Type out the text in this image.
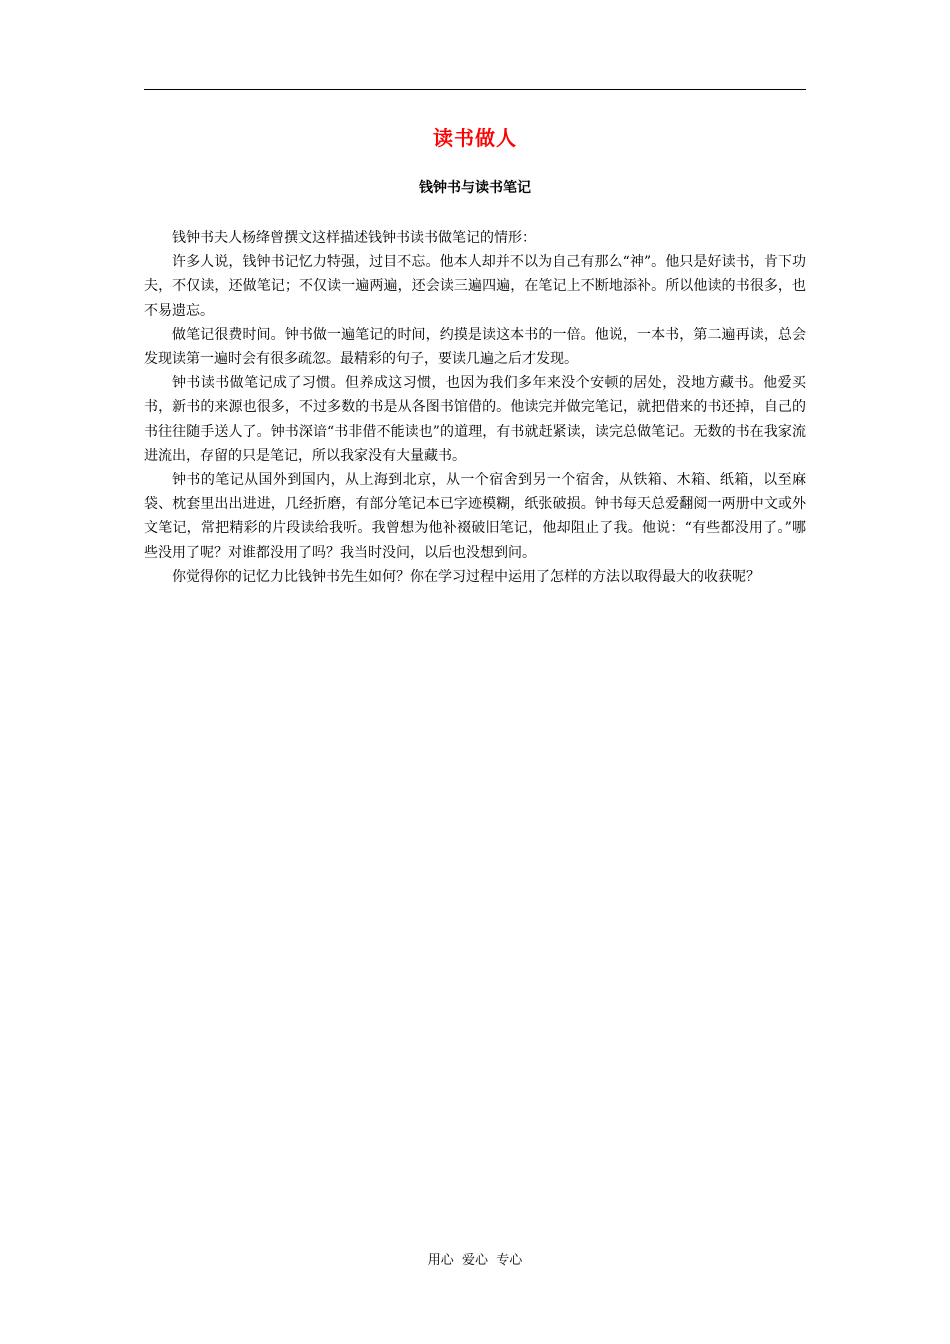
读书做人
钱钟书与读书笔记

钱钟书夫人杨绛曾撰文这样描述钱钟书读书做笔记的情形：

许多人说，钱钟书记忆力特强，过目不忘。他本人却并不以为自己有那么“神”。他只是好读书，肯下功夫，不仅读，还做笔记；不仅读一遍两遍，还会读三遍四遍，在笔记上不断地添补。所以他读的书很多，也不易遗忘。

做笔记很费时间。钟书做一遍笔记的时间，约摸是读这本书的一倍。他说，一本书，第二遍再读，总会发现读第一遍时会有很多疏忽。最精彩的句子，要读几遍之后才发现。

钟书读书做笔记成了习惯。但养成这习惯，也因为我们多年来没个安顿的居处，没地方藏书。他爱买书，新书的来源也很多，不过多数的书是从各图书馆借的。他读完并做完笔记，就把借来的书还掉，自己的书往往随手送人了。钟书深谙“书非借不能读也”的道理，有书就赶紧读，读完总做笔记。无数的书在我家流进流出，存留的只是笔记，所以我家没有大量藏书。

钟书的笔记从国外到国内，从上海到北京，从一个宿舍到另一个宿舍，从铁箱、木箱、纸箱，以至麻袋、枕套里出出进进，几经折磨，有部分笔记本已字迹模糊，纸张破损。钟书每天总爱翻阅一两册中文或外文笔记，常把精彩的片段读给我听。我曾想为他补裰破旧笔记，他却阻止了我。他说：“有些都没用了。”哪些没用了呢？对谁都没用了吗？我当时没问，以后也没想到问。

你觉得你的记忆力比钱钟书先生如何？你在学习过程中运用了怎样的方法以取得最大的收获呢？

用心  爱心  专心
